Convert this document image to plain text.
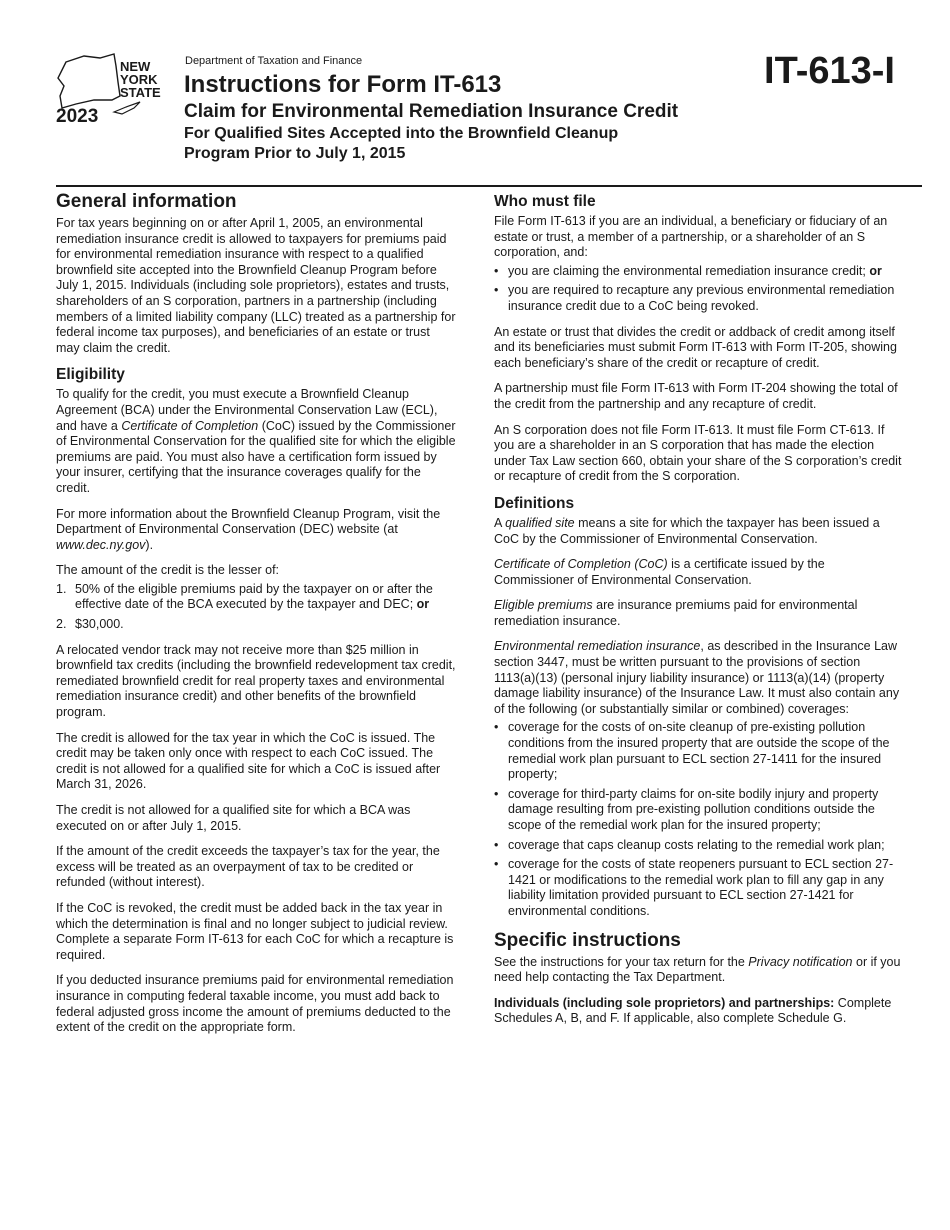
NEW
YORK
STATE
2023
Department of Taxation and Finance
Instructions for Form IT-613
Claim for Environmental Remediation Insurance Credit
For Qualified Sites Accepted into the Brownfield Cleanup
Program Prior to July 1, 2015
IT-613-I
General information

For tax years beginning on or after April 1, 2005, an environmental remediation insurance credit is allowed to taxpayers for premiums paid for environmental remediation insurance with respect to a qualified brownfield site accepted into the Brownfield Cleanup Program before July 1, 2015. Individuals (including sole proprietors), estates and trusts, shareholders of an S corporation, partners in a partnership (including members of a limited liability company (LLC) treated as a partnership for federal income tax purposes), and beneficiaries of an estate or trust may claim the credit.

Eligibility

To qualify for the credit, you must execute a Brownfield Cleanup Agreement (BCA) under the Environmental Conservation Law (ECL), and have a Certificate of Completion (CoC) issued by the Commissioner of Environmental Conservation for the qualified site for which the eligible premiums are paid. You must also have a certification form issued by your insurer, certifying that the insurance coverages qualify for the credit.

For more information about the Brownfield Cleanup Program, visit the Department of Environmental Conservation (DEC) website (at www.dec.ny.gov).

The amount of the credit is the lesser of:

1. 50% of the eligible premiums paid by the taxpayer on or after the effective date of the BCA executed by the taxpayer and DEC; or
2. $30,000.

A relocated vendor track may not receive more than $25 million in brownfield tax credits (including the brownfield redevelopment tax credit, remediated brownfield credit for real property taxes and environmental remediation insurance credit) and other benefits of the brownfield program.

The credit is allowed for the tax year in which the CoC is issued. The credit may be taken only once with respect to each CoC issued. The credit is not allowed for a qualified site for which a CoC is issued after March 31, 2026.

The credit is not allowed for a qualified site for which a BCA was executed on or after July 1, 2015.

If the amount of the credit exceeds the taxpayer’s tax for the year, the excess will be treated as an overpayment of tax to be credited or refunded (without interest).

If the CoC is revoked, the credit must be added back in the tax year in which the determination is final and no longer subject to judicial review. Complete a separate Form IT-613 for each CoC for which a recapture is required.

If you deducted insurance premiums paid for environmental remediation insurance in computing federal taxable income, you must add back to federal adjusted gross income the amount of premiums deducted to the extent of the credit on the appropriate form.

Who must file

File Form IT-613 if you are an individual, a beneficiary or fiduciary of an estate or trust, a member of a partnership, or a shareholder of an S corporation, and:

• you are claiming the environmental remediation insurance credit; or
• you are required to recapture any previous environmental remediation insurance credit due to a CoC being revoked.

An estate or trust that divides the credit or addback of credit among itself and its beneficiaries must submit Form IT-613 with Form IT-205, showing each beneficiary’s share of the credit or recapture of credit.

A partnership must file Form IT-613 with Form IT-204 showing the total of the credit from the partnership and any recapture of credit.

An S corporation does not file Form IT-613. It must file Form CT-613. If you are a shareholder in an S corporation that has made the election under Tax Law section 660, obtain your share of the S corporation’s credit or recapture of credit from the S corporation.

Definitions

A qualified site means a site for which the taxpayer has been issued a CoC by the Commissioner of Environmental Conservation.

Certificate of Completion (CoC) is a certificate issued by the Commissioner of Environmental Conservation.

Eligible premiums are insurance premiums paid for environmental remediation insurance.

Environmental remediation insurance, as described in the Insurance Law section 3447, must be written pursuant to the provisions of section 1113(a)(13) (personal injury liability insurance) or 1113(a)(14) (property damage liability insurance) of the Insurance Law. It must also contain any of the following (or substantially similar or combined) coverages:

• coverage for the costs of on-site cleanup of pre-existing pollution conditions from the insured property that are outside the scope of the remedial work plan pursuant to ECL section 27-1411 for the insured property;
• coverage for third-party claims for on-site bodily injury and property damage resulting from pre-existing pollution conditions outside the scope of the remedial work plan for the insured property;
• coverage that caps cleanup costs relating to the remedial work plan;
• coverage for the costs of state reopeners pursuant to ECL section 27-1421 or modifications to the remedial work plan to fill any gap in any liability limitation provided pursuant to ECL section 27-1421 for environmental conditions.
Specific instructions

See the instructions for your tax return for the Privacy notification or if you need help contacting the Tax Department.

Individuals (including sole proprietors) and partnerships: Complete Schedules A, B, and F. If applicable, also complete Schedule G.
